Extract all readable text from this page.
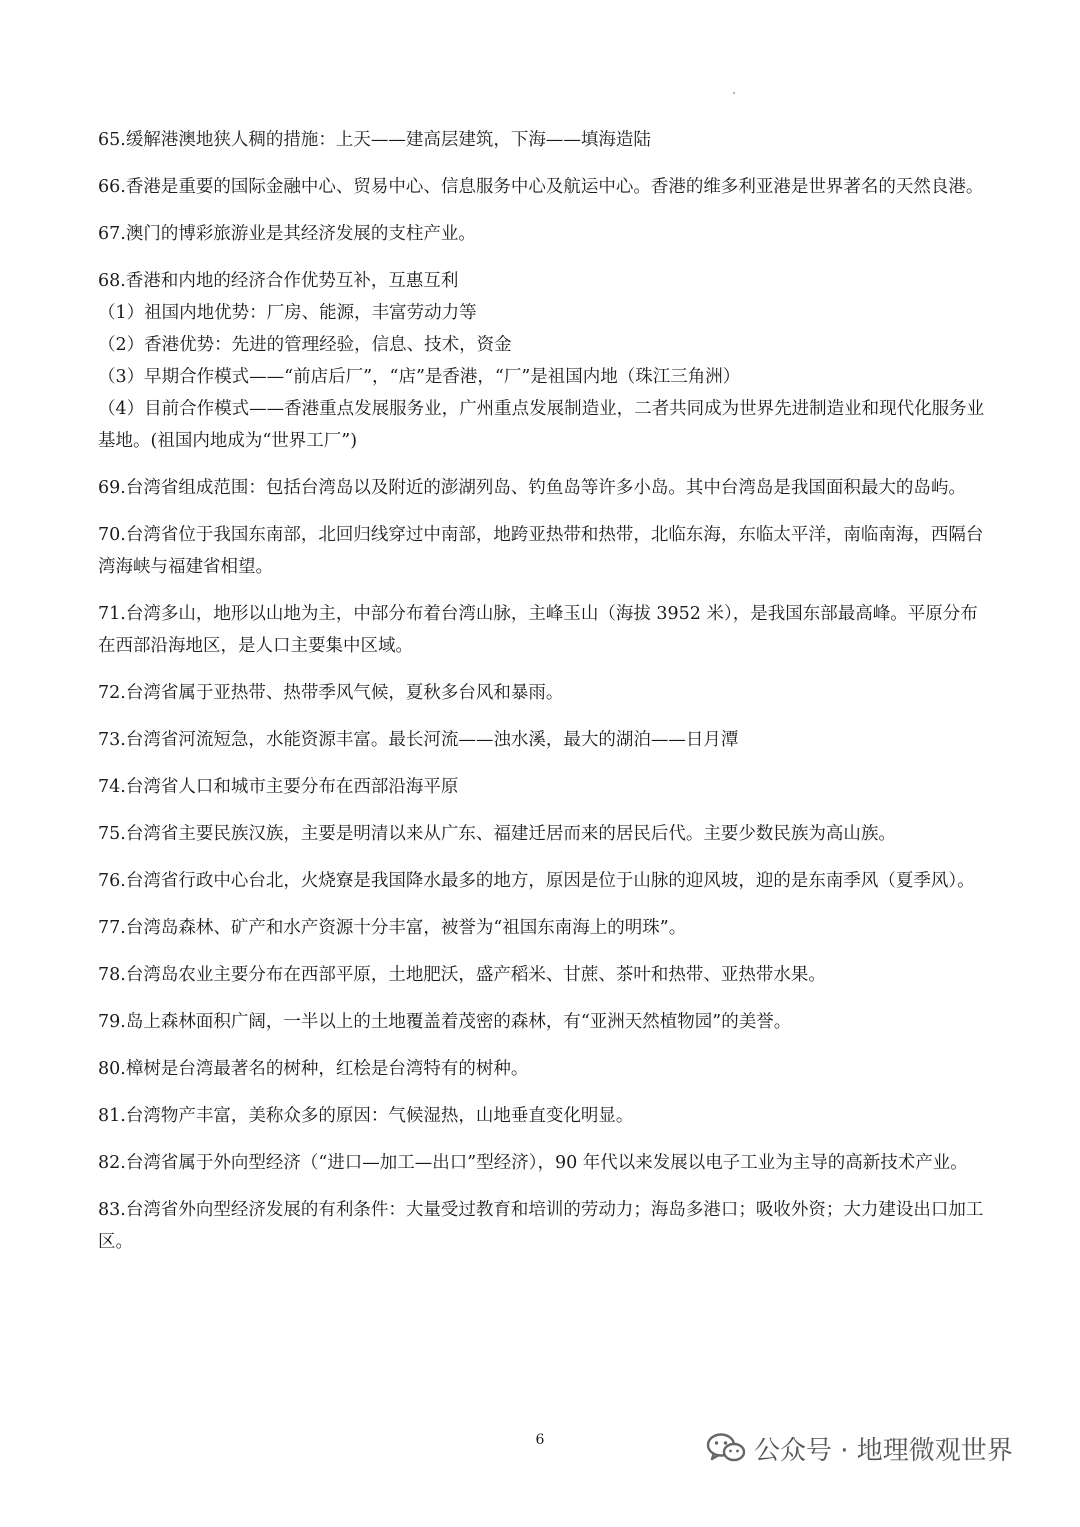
65.缓解港澳地狭人稠的措施：上天——建高层建筑，下海——填海造陆

66.香港是重要的国际金融中心、贸易中心、信息服务中心及航运中心。香港的维多利亚港是世界著名的天然良港。

67.澳门的博彩旅游业是其经济发展的支柱产业。

68.香港和内地的经济合作优势互补，互惠互利

（1）祖国内地优势：厂房、能源，丰富劳动力等

（2）香港优势：先进的管理经验，信息、技术，资金

（3）早期合作模式——“前店后厂”，“店”是香港，“厂”是祖国内地（珠江三角洲）

（4）目前合作模式——香港重点发展服务业，广州重点发展制造业，二者共同成为世界先进制造业和现代化服务业基地。(祖国内地成为“世界工厂”)

69.台湾省组成范围：包括台湾岛以及附近的澎湖列岛、钓鱼岛等许多小岛。其中台湾岛是我国面积最大的岛屿。

70.台湾省位于我国东南部，北回归线穿过中南部，地跨亚热带和热带，北临东海，东临太平洋，南临南海，西隔台湾海峡与福建省相望。

71.台湾多山，地形以山地为主，中部分布着台湾山脉，主峰玉山（海拔 3952 米），是我国东部最高峰。平原分布在西部沿海地区，是人口主要集中区域。

72.台湾省属于亚热带、热带季风气候，夏秋多台风和暴雨。

73.台湾省河流短急，水能资源丰富。最长河流——浊水溪，最大的湖泊——日月潭

74.台湾省人口和城市主要分布在西部沿海平原

75.台湾省主要民族汉族，主要是明清以来从广东、福建迁居而来的居民后代。主要少数民族为高山族。

76.台湾省行政中心台北，火烧寮是我国降水最多的地方，原因是位于山脉的迎风坡，迎的是东南季风（夏季风）。

77.台湾岛森林、矿产和水产资源十分丰富，被誉为“祖国东南海上的明珠”。

78.台湾岛农业主要分布在西部平原，土地肥沃，盛产稻米、甘蔗、茶叶和热带、亚热带水果。

79.岛上森林面积广阔，一半以上的土地覆盖着茂密的森林，有“亚洲天然植物园”的美誉。

80.樟树是台湾最著名的树种，红桧是台湾特有的树种。

81.台湾物产丰富，美称众多的原因：气候湿热，山地垂直变化明显。

82.台湾省属于外向型经济（“进口—加工—出口”型经济），90 年代以来发展以电子工业为主导的高新技术产业。

83.台湾省外向型经济发展的有利条件：大量受过教育和培训的劳动力；海岛多港口；吸收外资；大力建设出口加工区。

6	公众号 · 地理微观世界
